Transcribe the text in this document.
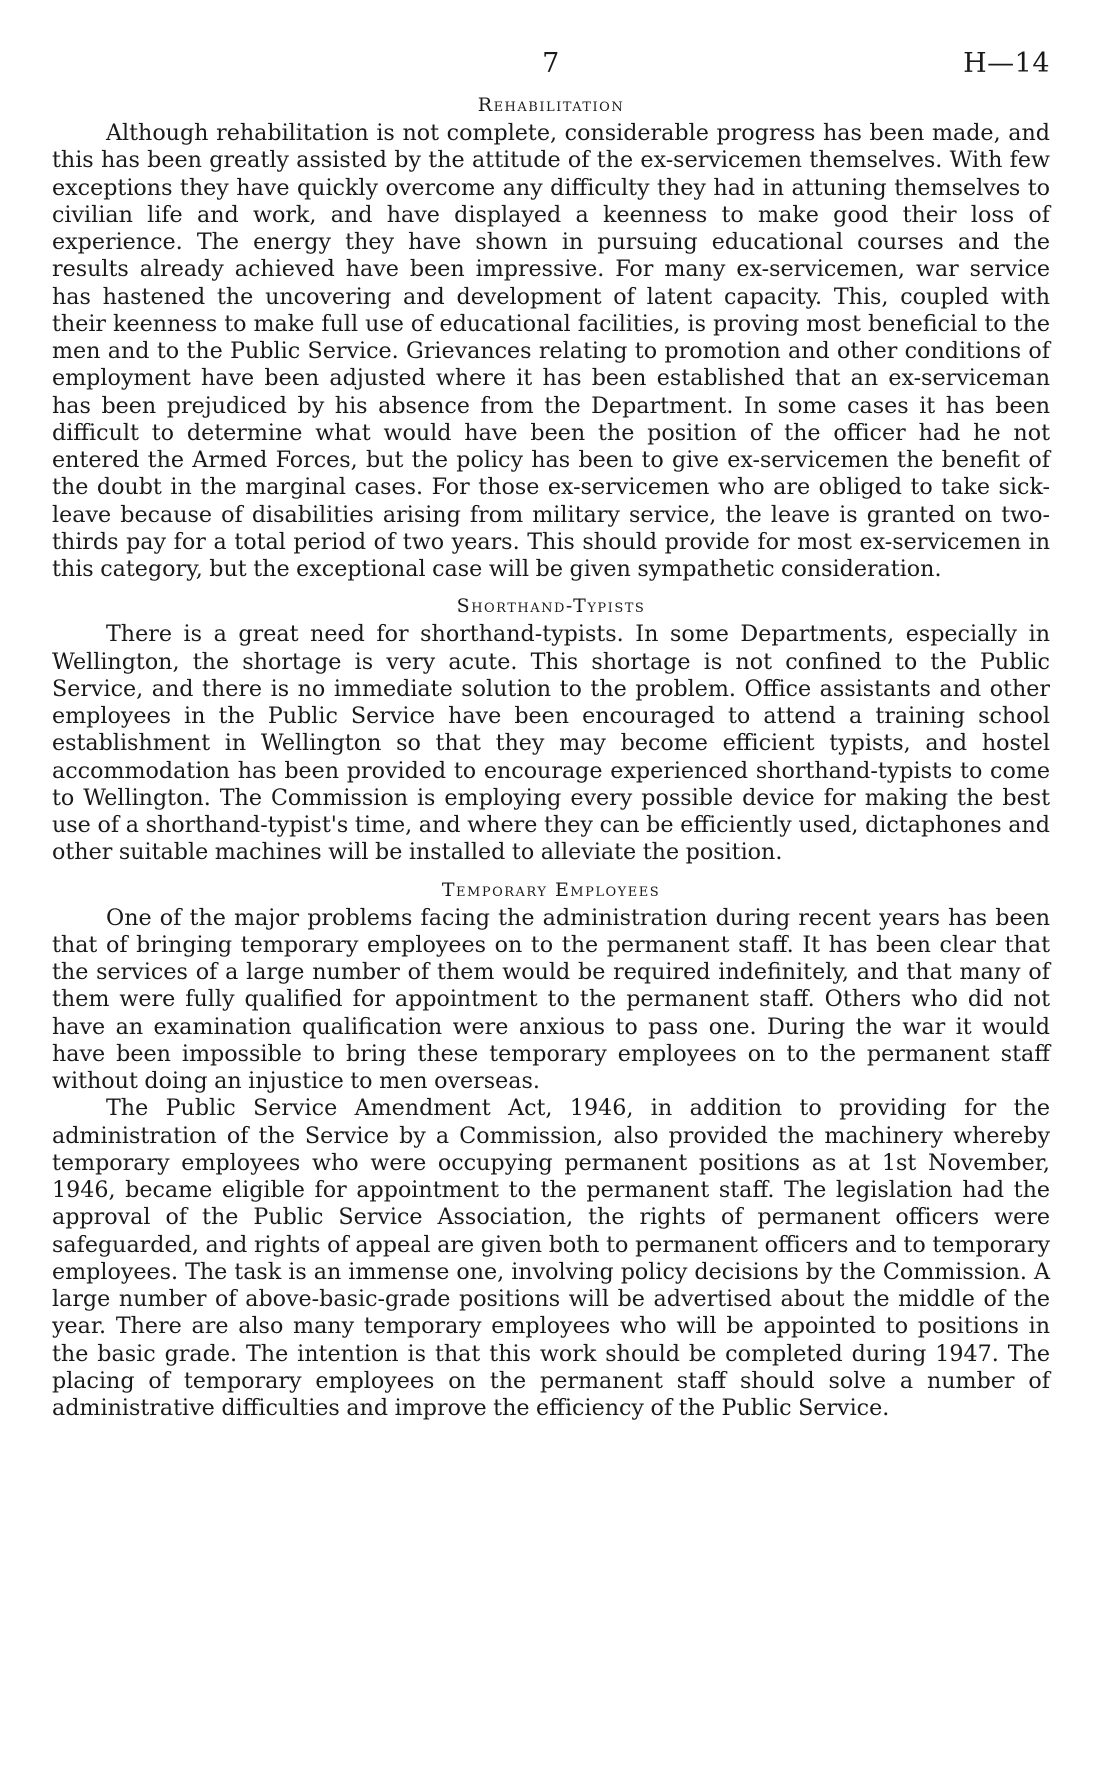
7	H—14
Rehabilitation

Although rehabilitation is not complete, considerable progress has been made, and this has been greatly assisted by the attitude of the ex-servicemen themselves. With few exceptions they have quickly overcome any difficulty they had in attuning themselves to civilian life and work, and have displayed a keenness to make good their loss of experience. The energy they have shown in pursuing educational courses and the results already achieved have been impressive. For many ex-servicemen, war service has hastened the uncovering and development of latent capacity. This, coupled with their keenness to make full use of educational facilities, is proving most beneficial to the men and to the Public Service. Grievances relating to promotion and other conditions of employment have been adjusted where it has been established that an ex-serviceman has been prejudiced by his absence from the Department. In some cases it has been difficult to determine what would have been the position of the officer had he not entered the Armed Forces, but the policy has been to give ex-servicemen the benefit of the doubt in the marginal cases. For those ex-servicemen who are obliged to take sick-leave because of disabilities arising from military service, the leave is granted on two-thirds pay for a total period of two years. This should provide for most ex-servicemen in this category, but the exceptional case will be given sympathetic consideration.

Shorthand-Typists

There is a great need for shorthand-typists. In some Departments, especially in Wellington, the shortage is very acute. This shortage is not confined to the Public Service, and there is no immediate solution to the problem. Office assistants and other employees in the Public Service have been encouraged to attend a training school establishment in Wellington so that they may become efficient typists, and hostel accommodation has been provided to encourage experienced shorthand-typists to come to Wellington. The Commission is employing every possible device for making the best use of a shorthand-typist's time, and where they can be efficiently used, dictaphones and other suitable machines will be installed to alleviate the position.

Temporary Employees

One of the major problems facing the administration during recent years has been that of bringing temporary employees on to the permanent staff. It has been clear that the services of a large number of them would be required indefinitely, and that many of them were fully qualified for appointment to the permanent staff. Others who did not have an examination qualification were anxious to pass one. During the war it would have been impossible to bring these temporary employees on to the permanent staff without doing an injustice to men overseas.

The Public Service Amendment Act, 1946, in addition to providing for the administration of the Service by a Commission, also provided the machinery whereby temporary employees who were occupying permanent positions as at 1st November, 1946, became eligible for appointment to the permanent staff. The legislation had the approval of the Public Service Association, the rights of permanent officers were safeguarded, and rights of appeal are given both to permanent officers and to temporary employees. The task is an immense one, involving policy decisions by the Commission. A large number of above-basic-grade positions will be advertised about the middle of the year. There are also many temporary employees who will be appointed to positions in the basic grade. The intention is that this work should be completed during 1947. The placing of temporary employees on the permanent staff should solve a number of administrative difficulties and improve the efficiency of the Public Service.
